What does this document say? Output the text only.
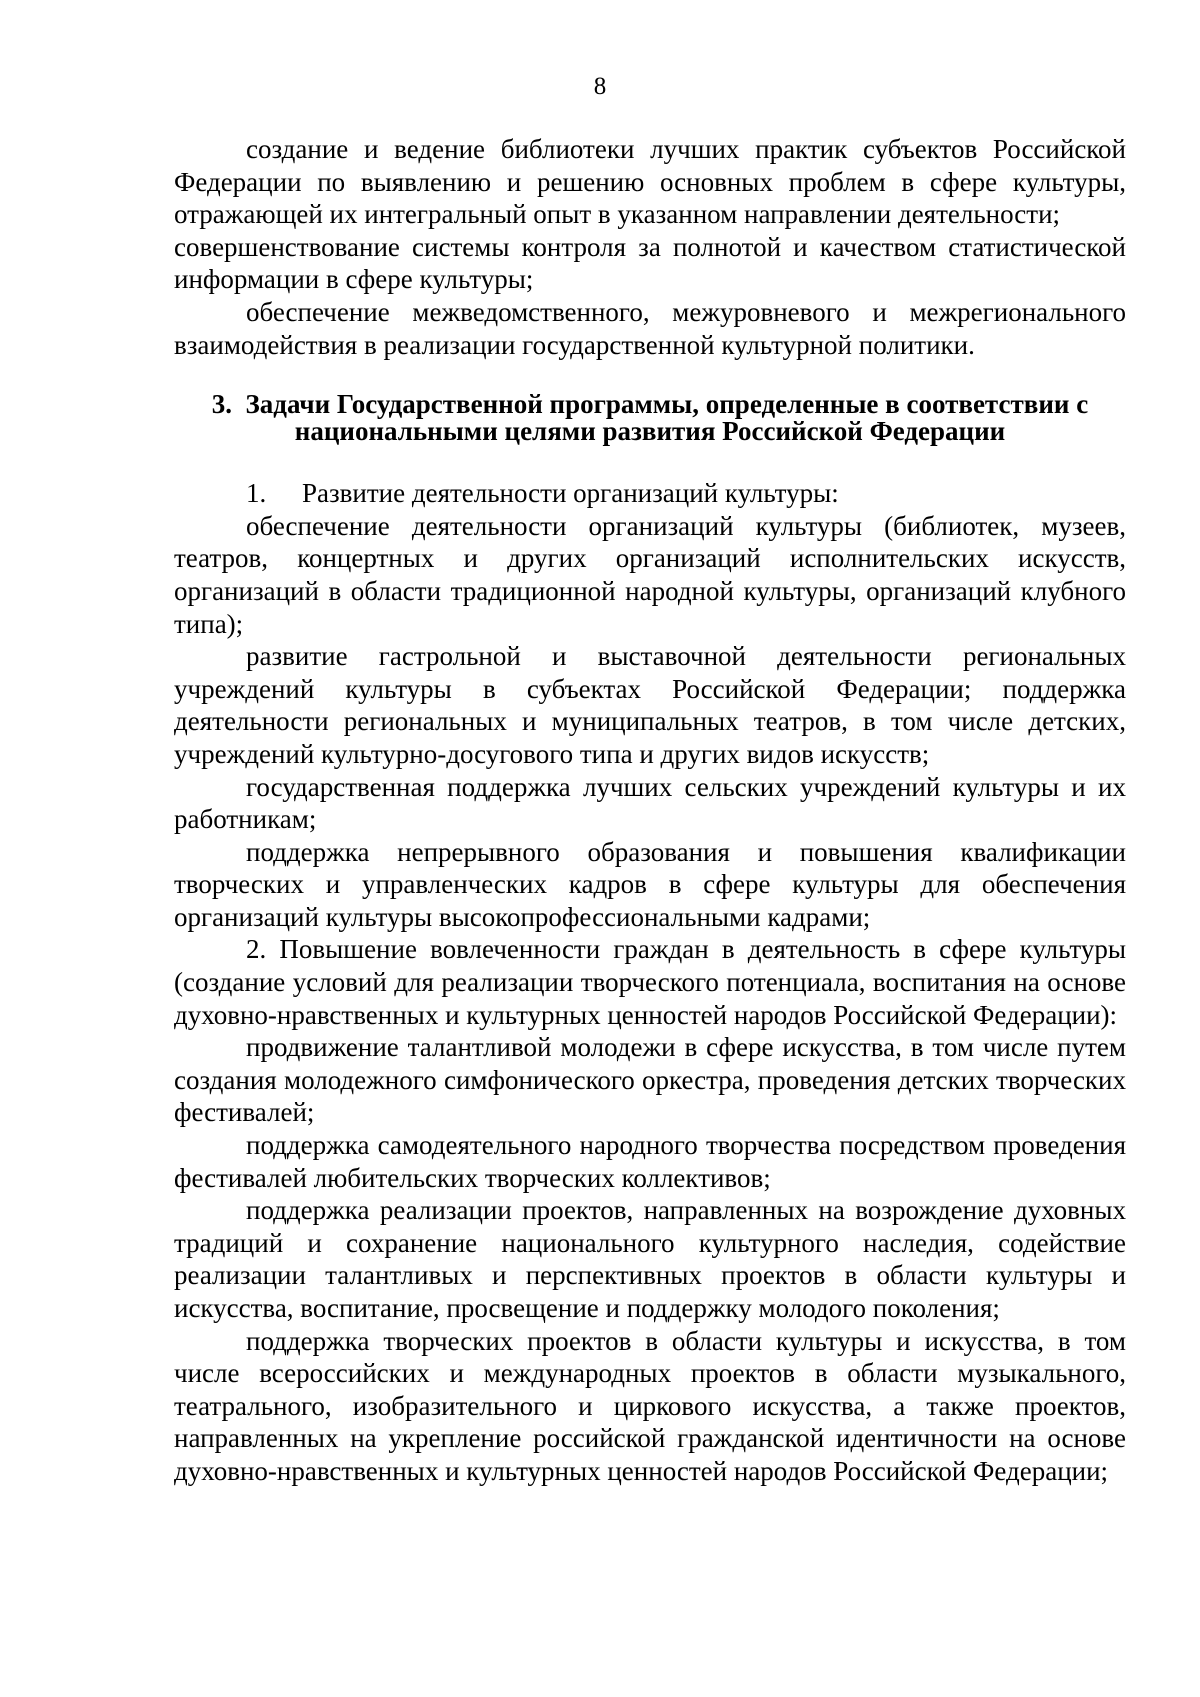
8

создание и ведение библиотеки лучших практик субъектов Российской Федерации по выявлению и решению основных проблем в сфере культуры, отражающей их интегральный опыт в указанном направлении деятельности;

совершенствование системы контроля за полнотой и качеством статистической информации в сфере культуры;

обеспечение межведомственного, межуровневого и межрегионального взаимодействия в реализации государственной культурной политики.

3. Задачи Государственной программы, определенные в соответствии с
национальными целями развития Российской Федерации

1. Развитие деятельности организаций культуры:

обеспечение деятельности организаций культуры (библиотек, музеев, театров, концертных и других организаций исполнительских искусств, организаций в области традиционной народной культуры, организаций клубного типа);

развитие гастрольной и выставочной деятельности региональных учреждений культуры в субъектах Российской Федерации; поддержка деятельности региональных и муниципальных театров, в том числе детских, учреждений культурно-досугового типа и других видов искусств;

государственная поддержка лучших сельских учреждений культуры и их работникам;

поддержка непрерывного образования и повышения квалификации творческих и управленческих кадров в сфере культуры для обеспечения организаций культуры высокопрофессиональными кадрами;

2. Повышение вовлеченности граждан в деятельность в сфере культуры (создание условий для реализации творческого потенциала, воспитания на основе духовно-нравственных и культурных ценностей народов Российской Федерации):

продвижение талантливой молодежи в сфере искусства, в том числе путем создания молодежного симфонического оркестра, проведения детских творческих фестивалей;

поддержка самодеятельного народного творчества посредством проведения фестивалей любительских творческих коллективов;

поддержка реализации проектов, направленных на возрождение духовных традиций и сохранение национального культурного наследия, содействие реализации талантливых и перспективных проектов в области культуры и искусства, воспитание, просвещение и поддержку молодого поколения;

поддержка творческих проектов в области культуры и искусства, в том числе всероссийских и международных проектов в области музыкального, театрального, изобразительного и циркового искусства, а также проектов, направленных на укрепление российской гражданской идентичности на основе духовно-нравственных и культурных ценностей народов Российской Федерации;
